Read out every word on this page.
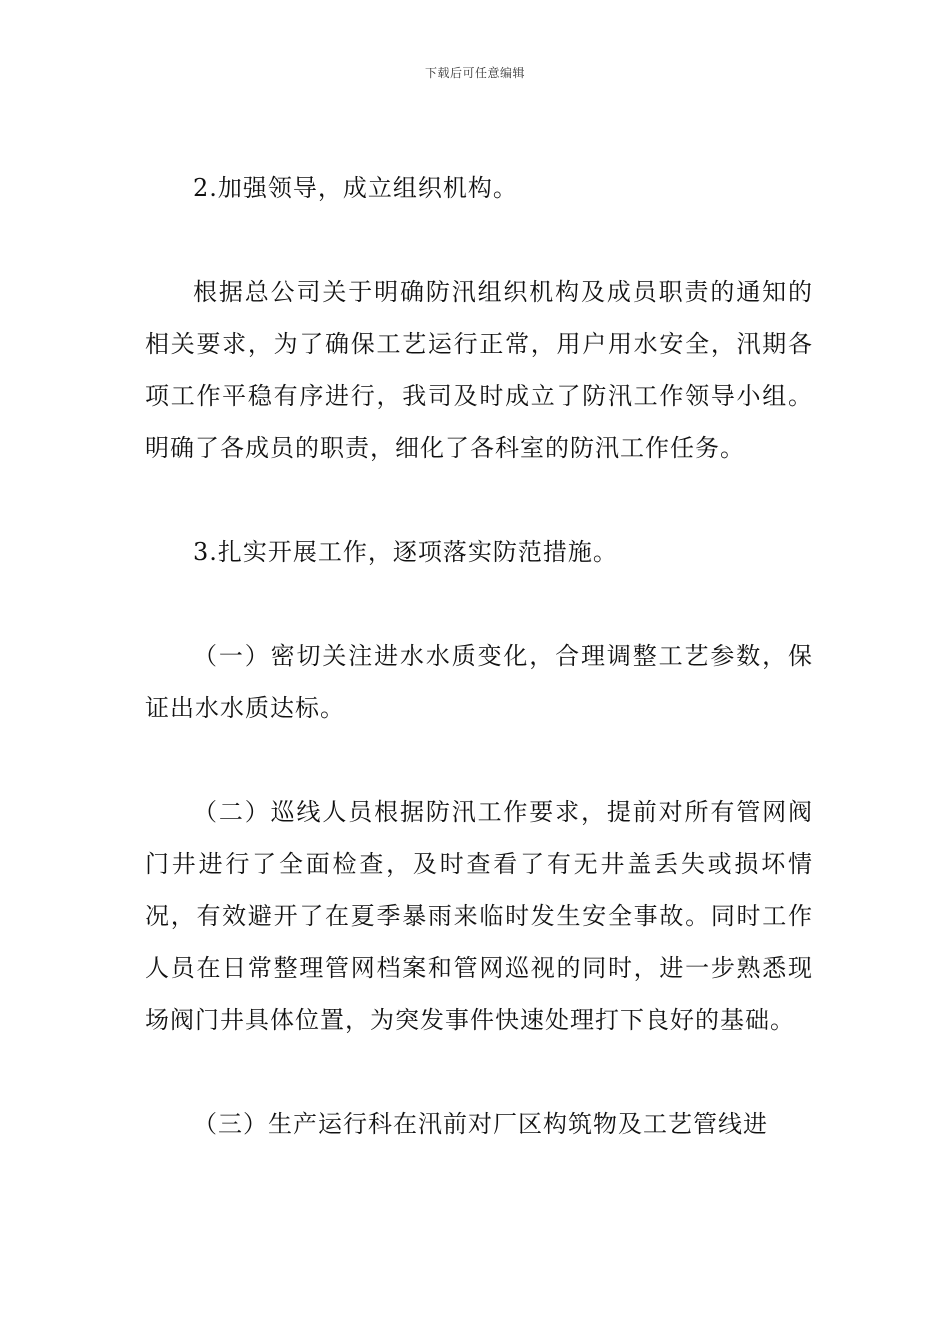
下载后可任意编辑

2.加强领导，成立组织机构。

根据总公司关于明确防汛组织机构及成员职责的通知的相关要求，为了确保工艺运行正常，用户用水安全，汛期各项工作平稳有序进行，我司及时成立了防汛工作领导小组。明确了各成员的职责，细化了各科室的防汛工作任务。

3.扎实开展工作，逐项落实防范措施。

（一）密切关注进水水质变化，合理调整工艺参数，保证出水水质达标。

（二）巡线人员根据防汛工作要求，提前对所有管网阀门井进行了全面检查，及时查看了有无井盖丢失或损坏情况，有效避开了在夏季暴雨来临时发生安全事故。同时工作人员在日常整理管网档案和管网巡视的同时，进一步熟悉现场阀门井具体位置，为突发事件快速处理打下良好的基础。

（三）生产运行科在汛前对厂区构筑物及工艺管线进
